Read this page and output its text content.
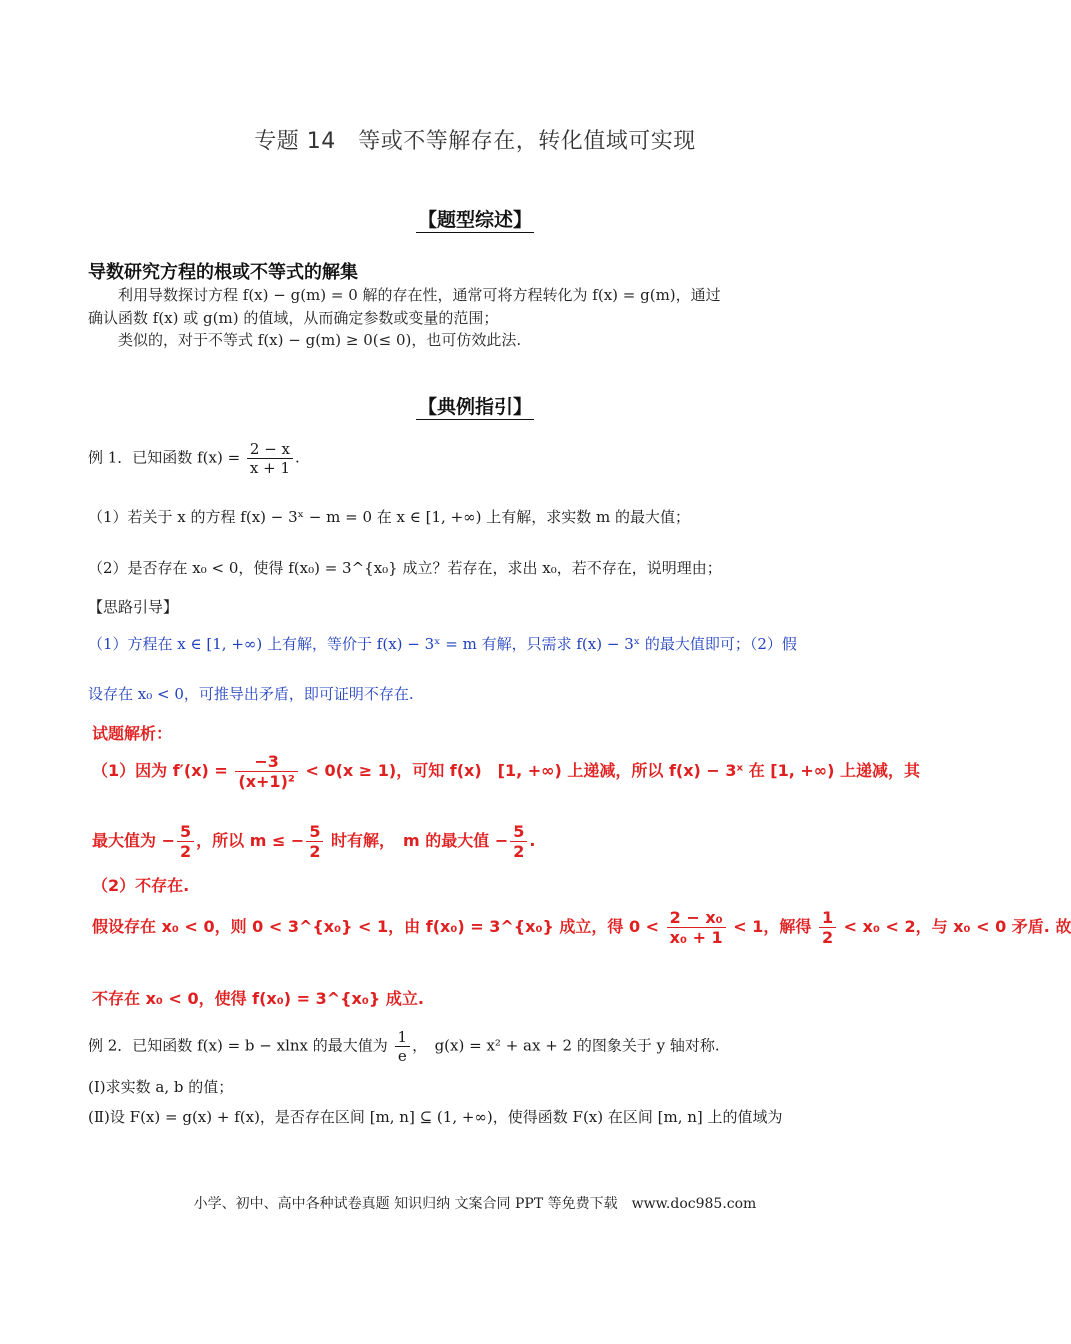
专题 14　等或不等解存在，转化值域可实现
【题型综述】
导数研究方程的根或不等式的解集
　　利用导数探讨方程 f(x) − g(m) = 0 解的存在性，通常可将方程转化为 f(x) = g(m)，通过
确认函数 f(x) 或 g(m) 的值域，从而确定参数或变量的范围；
　　类似的，对于不等式 f(x) − g(m) ≥ 0(≤ 0)，也可仿效此法.
【典例指引】
例 1．已知函数 $f(x) = \frac{2 - x}{x + 1}$ .
（1）若关于 x 的方程 f(x) − 3ˣ − m = 0 在 x ∈ [1, +∞) 上有解，求实数 m 的最大值；
（2）是否存在 x₀ < 0，使得 f(x₀) = 3^{x₀} 成立？若存在，求出 x₀，若不存在，说明理由；
【思路引导】
（1）方程在 x ∈ [1, +∞) 上有解，等价于 f(x) − 3ˣ = m 有解，只需求 f(x) − 3ˣ 的最大值即可；（2）假
设存在 x₀ < 0，可推导出矛盾，即可证明不存在.
试题解析：
（1）因为 $f'(x) = \frac{-3}{\text{(x+1)²}} < 0(x \ge 1)$，可知 f(x)　[1, +∞) 上递减，所以 f(x) − 3ˣ 在 [1, +∞) 上递减，其
最大值为 − $\frac{5}{2}$ ，所以 m ≤ − $\frac{5}{2}$ 时有解，　m 的最大值 − $\frac{5}{2}$ .
（2）不存在.
假设存在 x₀ < 0，则 0 < 3^{x₀} < 1，由 f(x₀) = 3^{x₀} 成立，得 $0 < \frac{\text{2 − x₀}}{\text{x₀ + 1}} < 1$，解得 $\frac{1}{2} < x_0 < 2$，与 x₀ < 0 矛盾. 故
不存在 x₀ < 0，使得 f(x₀) = 3^{x₀} 成立.
例 2．已知函数 f(x) = b − xlnx 的最大值为 $\frac{1}{e}$ ，　g(x) = x² + ax + 2 的图象关于 y 轴对称.
(Ⅰ)求实数 a, b 的值；
(Ⅱ)设 F(x) = g(x) + f(x)，是否存在区间 [m, n] ⊆ (1, +∞)，使得函数 F(x) 在区间 [m, n] 上的值域为
小学、初中、高中各种试卷真题 知识归纳 文案合同 PPT 等免费下载　www.doc985.com
